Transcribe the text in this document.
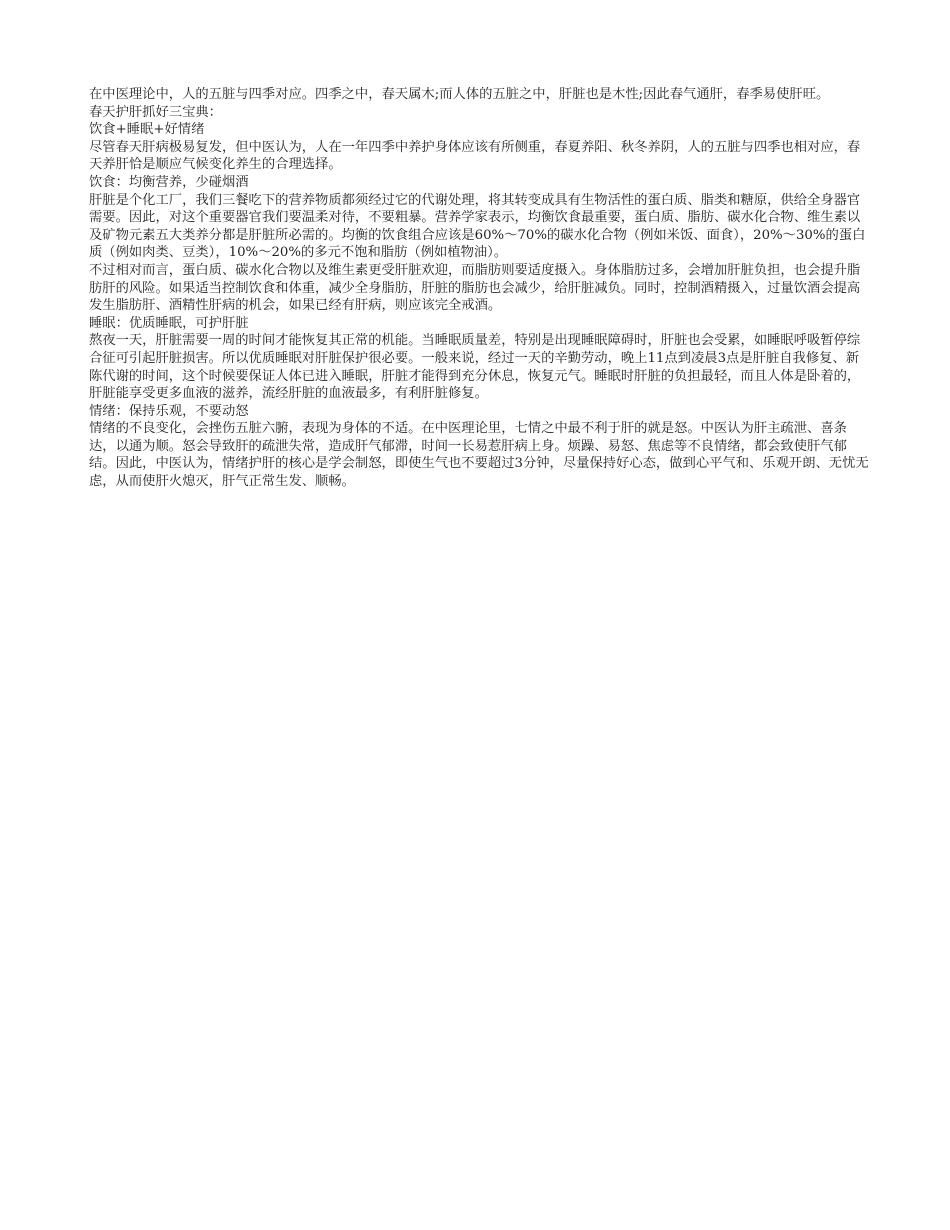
在中医理论中，人的五脏与四季对应。四季之中，春天属木;而人体的五脏之中，肝脏也是木性;因此春气通肝，春季易使肝旺。

春天护肝抓好三宝典：

饮食+睡眠+好情绪

尽管春天肝病极易复发，但中医认为，人在一年四季中养护身体应该有所侧重，春夏养阳、秋冬养阴，人的五脏与四季也相对应，春天养肝恰是顺应气候变化养生的合理选择。

饮食：均衡营养，少碰烟酒

肝脏是个化工厂，我们三餐吃下的营养物质都须经过它的代谢处理，将其转变成具有生物活性的蛋白质、脂类和糖原，供给全身器官需要。因此，对这个重要器官我们要温柔对待，不要粗暴。营养学家表示，均衡饮食最重要，蛋白质、脂肪、碳水化合物、维生素以及矿物元素五大类养分都是肝脏所必需的。均衡的饮食组合应该是60%～70%的碳水化合物（例如米饭、面食），20%～30%的蛋白质（例如肉类、豆类），10%～20%的多元不饱和脂肪（例如植物油）。

不过相对而言，蛋白质、碳水化合物以及维生素更受肝脏欢迎，而脂肪则要适度摄入。身体脂肪过多，会增加肝脏负担，也会提升脂肪肝的风险。如果适当控制饮食和体重，减少全身脂肪，肝脏的脂肪也会减少，给肝脏减负。同时，控制酒精摄入，过量饮酒会提高发生脂肪肝、酒精性肝病的机会，如果已经有肝病，则应该完全戒酒。

睡眠：优质睡眠，可护肝脏

熬夜一天，肝脏需要一周的时间才能恢复其正常的机能。当睡眠质量差，特别是出现睡眠障碍时，肝脏也会受累，如睡眠呼吸暂停综合征可引起肝脏损害。所以优质睡眠对肝脏保护很必要。一般来说，经过一天的辛勤劳动，晚上11点到凌晨3点是肝脏自我修复、新陈代谢的时间，这个时候要保证人体已进入睡眠，肝脏才能得到充分休息，恢复元气。睡眠时肝脏的负担最轻，而且人体是卧着的，肝脏能享受更多血液的滋养，流经肝脏的血液最多，有利肝脏修复。

情绪：保持乐观，不要动怒

情绪的不良变化，会挫伤五脏六腑，表现为身体的不适。在中医理论里，七情之中最不利于肝的就是怒。中医认为肝主疏泄、喜条达，以通为顺。怒会导致肝的疏泄失常，造成肝气郁滞，时间一长易惹肝病上身。烦躁、易怒、焦虑等不良情绪，都会致使肝气郁结。因此，中医认为，情绪护肝的核心是学会制怒，即使生气也不要超过3分钟，尽量保持好心态，做到心平气和、乐观开朗、无忧无虑，从而使肝火熄灭，肝气正常生发、顺畅。
